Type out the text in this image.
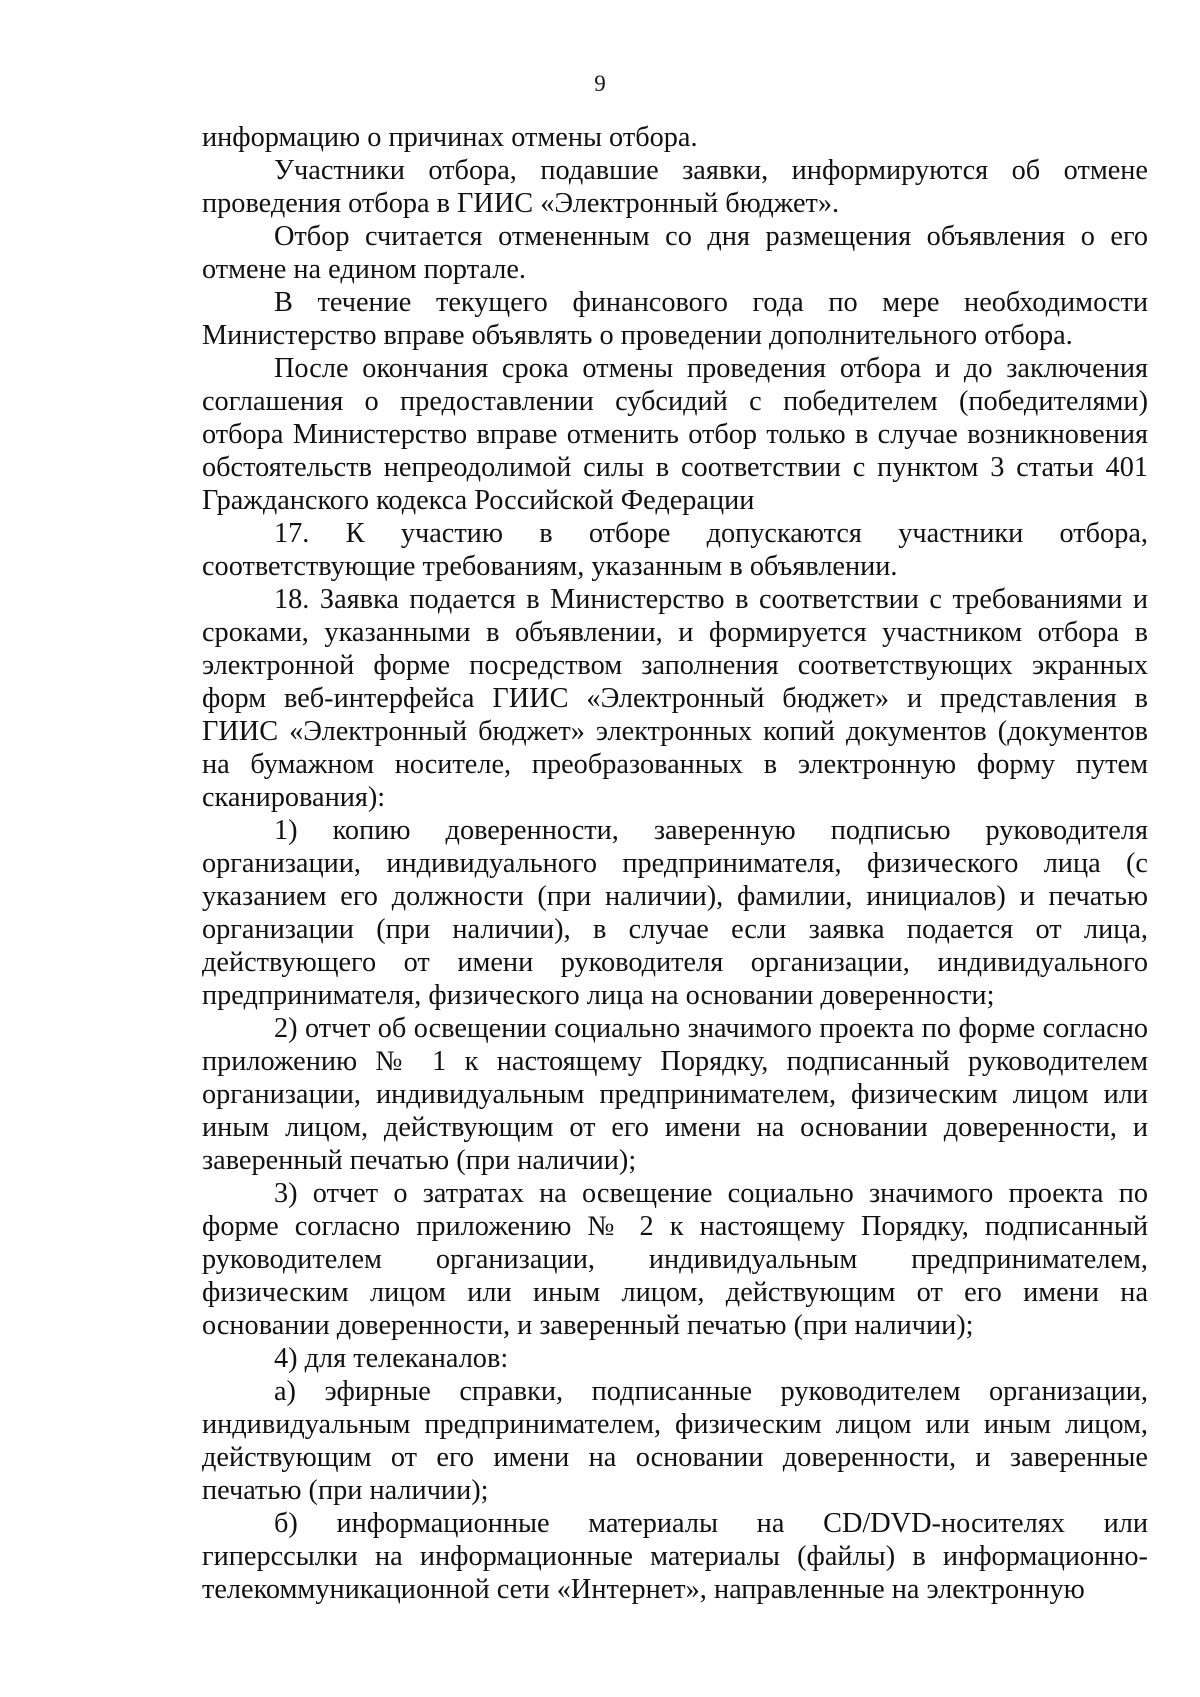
9

информацию о причинах отмены отбора.

Участники отбора, подавшие заявки, информируются об отмене проведения отбора в ГИИС «Электронный бюджет».

Отбор считается отмененным со дня размещения объявления о его отмене на едином портале.

В течение текущего финансового года по мере необходимости Министерство вправе объявлять о проведении дополнительного отбора.

После окончания срока отмены проведения отбора и до заключения соглашения о предоставлении субсидий с победителем (победителями) отбора Министерство вправе отменить отбор только в случае возникновения обстоятельств непреодолимой силы в соответствии с пунктом 3 статьи 401 Гражданского кодекса Российской Федерации

17. К участию в отборе допускаются участники отбора, соответствующие требованиям, указанным в объявлении.

18. Заявка подается в Министерство в соответствии с требованиями и сроками, указанными в объявлении, и формируется участником отбора в электронной форме посредством заполнения соответствующих экранных форм веб-интерфейса ГИИС «Электронный бюджет» и представления в ГИИС «Электронный бюджет» электронных копий документов (документов на бумажном носителе, преобразованных в электронную форму путем сканирования):

1) копию доверенности, заверенную подписью руководителя организации, индивидуального предпринимателя, физического лица (с указанием его должности (при наличии), фамилии, инициалов) и печатью организации (при наличии), в случае если заявка подается от лица, действующего от имени руководителя организации, индивидуального предпринимателя, физического лица на основании доверенности;

2) отчет об освещении социально значимого проекта по форме согласно приложению № 1 к настоящему Порядку, подписанный руководителем организации, индивидуальным предпринимателем, физическим лицом или иным лицом, действующим от его имени на основании доверенности, и заверенный печатью (при наличии);

3) отчет о затратах на освещение социально значимого проекта по форме согласно приложению № 2 к настоящему Порядку, подписанный руководителем организации, индивидуальным предпринимателем, физическим лицом или иным лицом, действующим от его имени на основании доверенности, и заверенный печатью (при наличии);

4) для телеканалов:

а) эфирные справки, подписанные руководителем организации, индивидуальным предпринимателем, физическим лицом или иным лицом, действующим от его имени на основании доверенности, и заверенные печатью (при наличии);

б) информационные материалы на CD/DVD-носителях или гиперссылки на информационные материалы (файлы) в информационно-телекоммуникационной сети «Интернет», направленные на электронную
